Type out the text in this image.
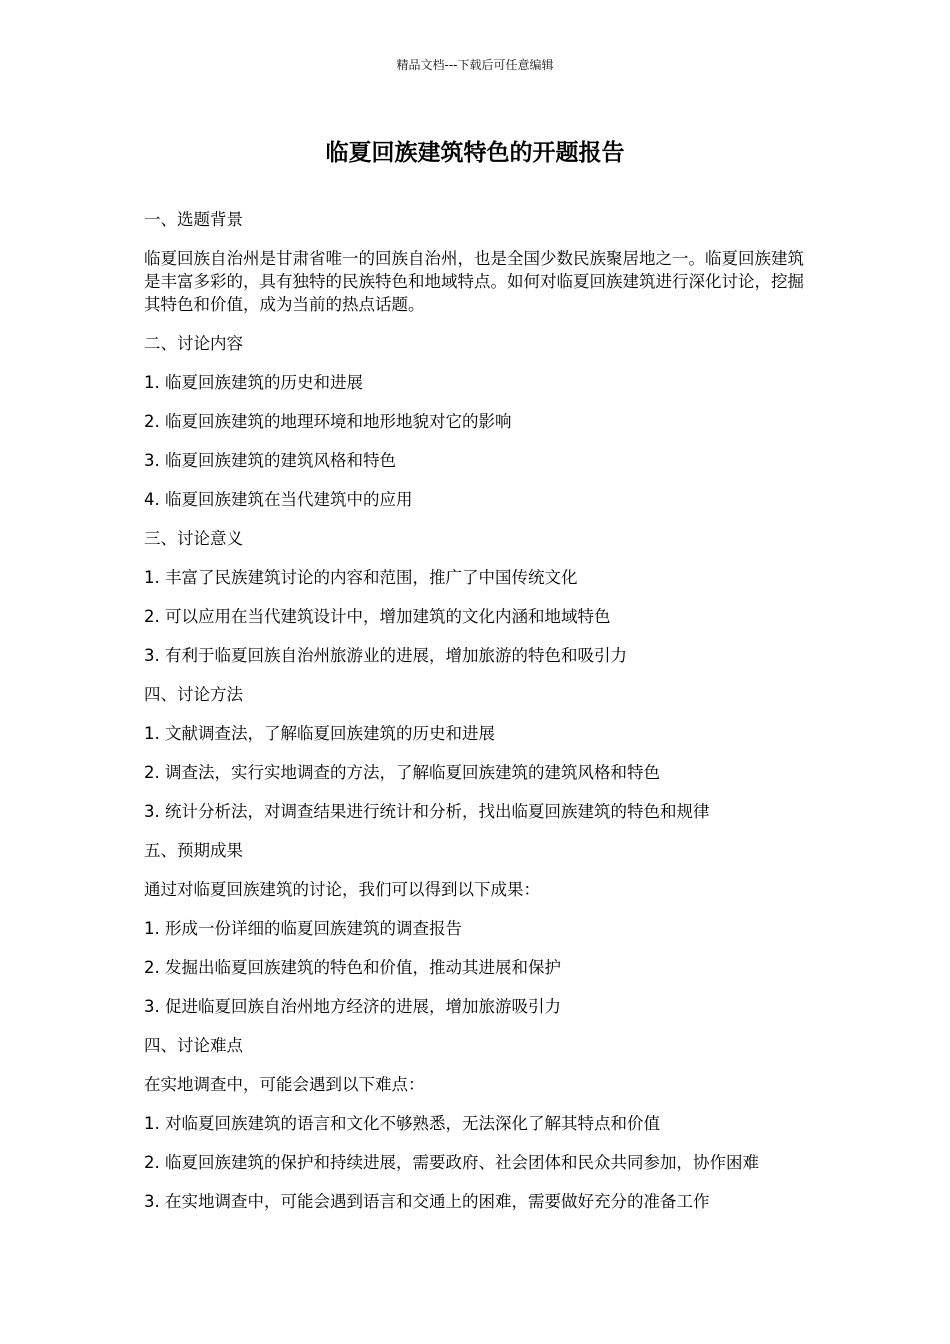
精品文档---下载后可任意编辑
临夏回族建筑特色的开题报告

一、选题背景

临夏回族自治州是甘肃省唯一的回族自治州，也是全国少数民族聚居地之一。临夏回族建筑是丰富多彩的，具有独特的民族特色和地域特点。如何对临夏回族建筑进行深化讨论，挖掘其特色和价值，成为当前的热点话题。

二、讨论内容

1. 临夏回族建筑的历史和进展

2. 临夏回族建筑的地理环境和地形地貌对它的影响

3. 临夏回族建筑的建筑风格和特色

4. 临夏回族建筑在当代建筑中的应用

三、讨论意义

1. 丰富了民族建筑讨论的内容和范围，推广了中国传统文化

2. 可以应用在当代建筑设计中，增加建筑的文化内涵和地域特色

3. 有利于临夏回族自治州旅游业的进展，增加旅游的特色和吸引力

四、讨论方法

1. 文献调查法，了解临夏回族建筑的历史和进展

2. 调查法，实行实地调查的方法，了解临夏回族建筑的建筑风格和特色

3. 统计分析法，对调查结果进行统计和分析，找出临夏回族建筑的特色和规律

五、预期成果

通过对临夏回族建筑的讨论，我们可以得到以下成果：

1. 形成一份详细的临夏回族建筑的调查报告

2. 发掘出临夏回族建筑的特色和价值，推动其进展和保护

3. 促进临夏回族自治州地方经济的进展，增加旅游吸引力

四、讨论难点

在实地调查中，可能会遇到以下难点：

1. 对临夏回族建筑的语言和文化不够熟悉，无法深化了解其特点和价值

2. 临夏回族建筑的保护和持续进展，需要政府、社会团体和民众共同参加，协作困难

3. 在实地调查中，可能会遇到语言和交通上的困难，需要做好充分的准备工作
